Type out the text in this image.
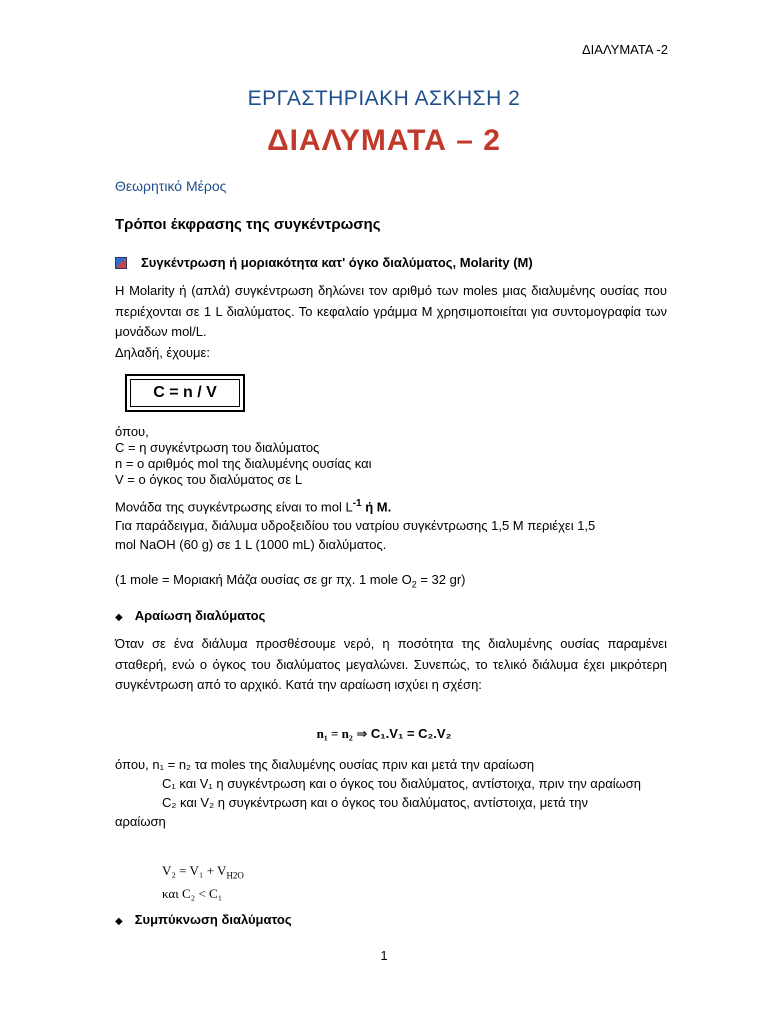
ΔΙΑΛΥΜΑΤΑ -2
ΕΡΓΑΣΤΗΡΙΑΚΗ ΑΣΚΗΣΗ 2
ΔΙΑΛΥΜΑΤΑ – 2
Θεωρητικό Μέρος
Τρόποι έκφρασης της συγκέντρωσης
Συγκέντρωση ή μοριακότητα κατ' όγκο διαλύματος, Molarity (M)

Η Molarity ή (απλά) συγκέντρωση δηλώνει τον αριθμό των moles μιας διαλυμένης ουσίας που περιέχονται σε 1 L διαλύματος. Το κεφαλαίο γράμμα Μ χρησιμοποιείται για συντομογραφία των μονάδων mol/L.

Δηλαδή, έχουμε:

C = n / V
όπου,
C = η συγκέντρωση του διαλύματος
n = ο αριθμός mol της διαλυμένης ουσίας και
V = ο όγκος του διαλύματος σε L
Μονάδα της συγκέντρωσης είναι το mol $L^{-1}$ ή M.
Για παράδειγμα, διάλυμα υδροξειδίου του νατρίου συγκέντρωσης 1,5 M περιέχει 1,5
mol NaOH (60 g) σε 1 L (1000 mL) διαλύματος.
(1 mole = Μοριακή Μάζα ουσίας σε gr πχ. 1 mole $O_2 = 32$ gr)
◆ Αραίωση διαλύματος

Όταν σε ένα διάλυμα προσθέσουμε νερό, η ποσότητα της διαλυμένης ουσίας παραμένει σταθερή, ενώ ο όγκος του διαλύματος μεγαλώνει. Συνεπώς, το τελικό διάλυμα έχει μικρότερη συγκέντρωση από το αρχικό. Κατά την αραίωση ισχύει η σχέση:

n₁ = n₂ ⇒ C₁.V₁ = C₂.V₂
όπου, n₁ = n₂ τα moles της διαλυμένης ουσίας πριν και μετά την αραίωση
C₁ και V₁ η συγκέντρωση και ο όγκος του διαλύματος, αντίστοιχα, πριν την αραίωση
C₂ και V₂ η συγκέντρωση και ο όγκος του διαλύματος, αντίστοιχα, μετά την
αραίωση
$V_2 = V_1 + V_{H2O}$
και C₂ < C₁
◆ Συμπύκνωση διαλύματος
1
